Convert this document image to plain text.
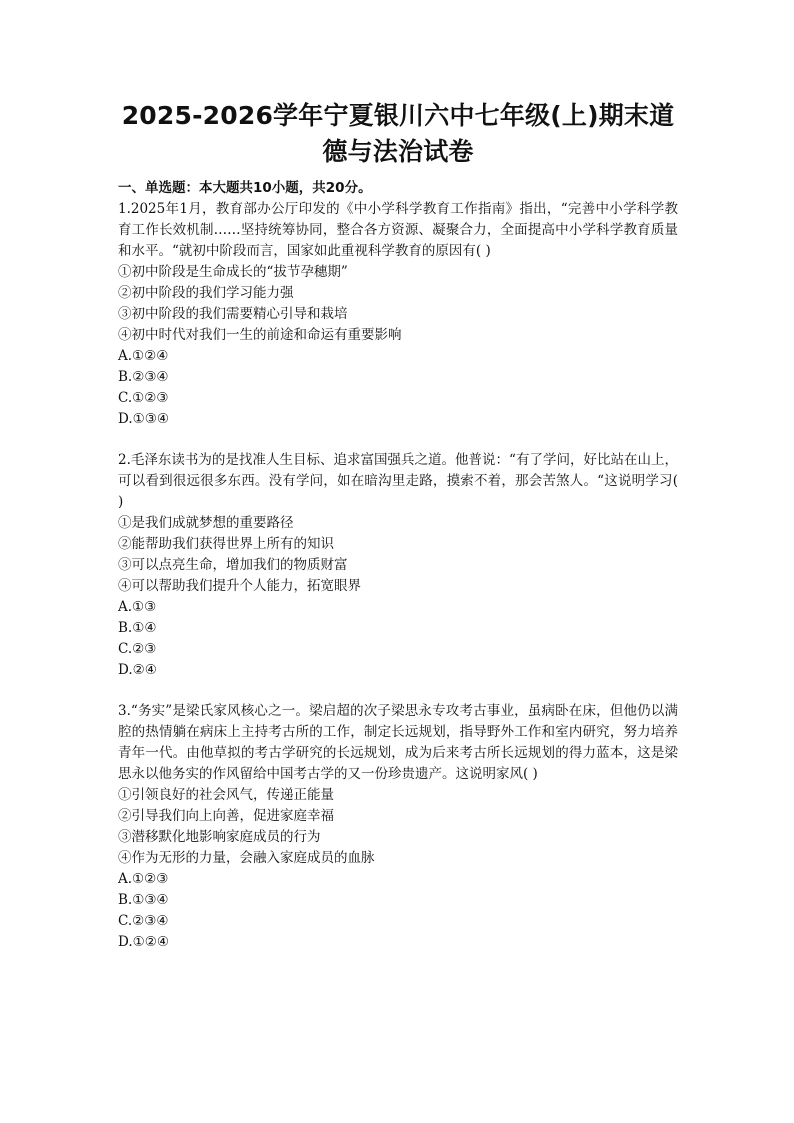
2025-2026学年宁夏银川六中七年级(上)期末道
德与法治试卷

一、单选题：本大题共10小题，共20分。

1.2025年1月，教育部办公厅印发的《中小学科学教育工作指南》指出，“完善中小学科学教育工作长效机制……坚持统筹协同，整合各方资源、凝聚合力，全面提高中小学科学教育质量和水平。“就初中阶段而言，国家如此重视科学教育的原因有( )

①初中阶段是生命成长的“拔节孕穗期”

②初中阶段的我们学习能力强

③初中阶段的我们需要精心引导和栽培

④初中时代对我们一生的前途和命运有重要影响

A.①②④

B.②③④

C.①②③

D.①③④

2.毛泽东读书为的是找准人生目标、追求富国强兵之道。他普说：“有了学问，好比站在山上，可以看到很远很多东西。没有学问，如在暗沟里走路，摸索不着，那会苦煞人。“这说明学习( )

①是我们成就梦想的重要路径

②能帮助我们获得世界上所有的知识

③可以点亮生命，增加我们的物质财富

④可以帮助我们提升个人能力，拓宽眼界

A.①③

B.①④

C.②③

D.②④

3.“务实”是梁氏家风核心之一。梁启超的次子梁思永专攻考古事业，虽病卧在床，但他仍以满腔的热情躺在病床上主持考古所的工作，制定长远规划，指导野外工作和室内研究，努力培养青年一代。由他草拟的考古学研究的长远规划，成为后来考古所长远规划的得力蓝本，这是梁思永以他务实的作风留给中国考古学的又一份珍贵遗产。这说明家风( )

①引领良好的社会风气，传递正能量

②引导我们向上向善，促进家庭幸福

③潜移默化地影响家庭成员的行为

④作为无形的力量，会融入家庭成员的血脉

A.①②③

B.①③④

C.②③④

D.①②④
